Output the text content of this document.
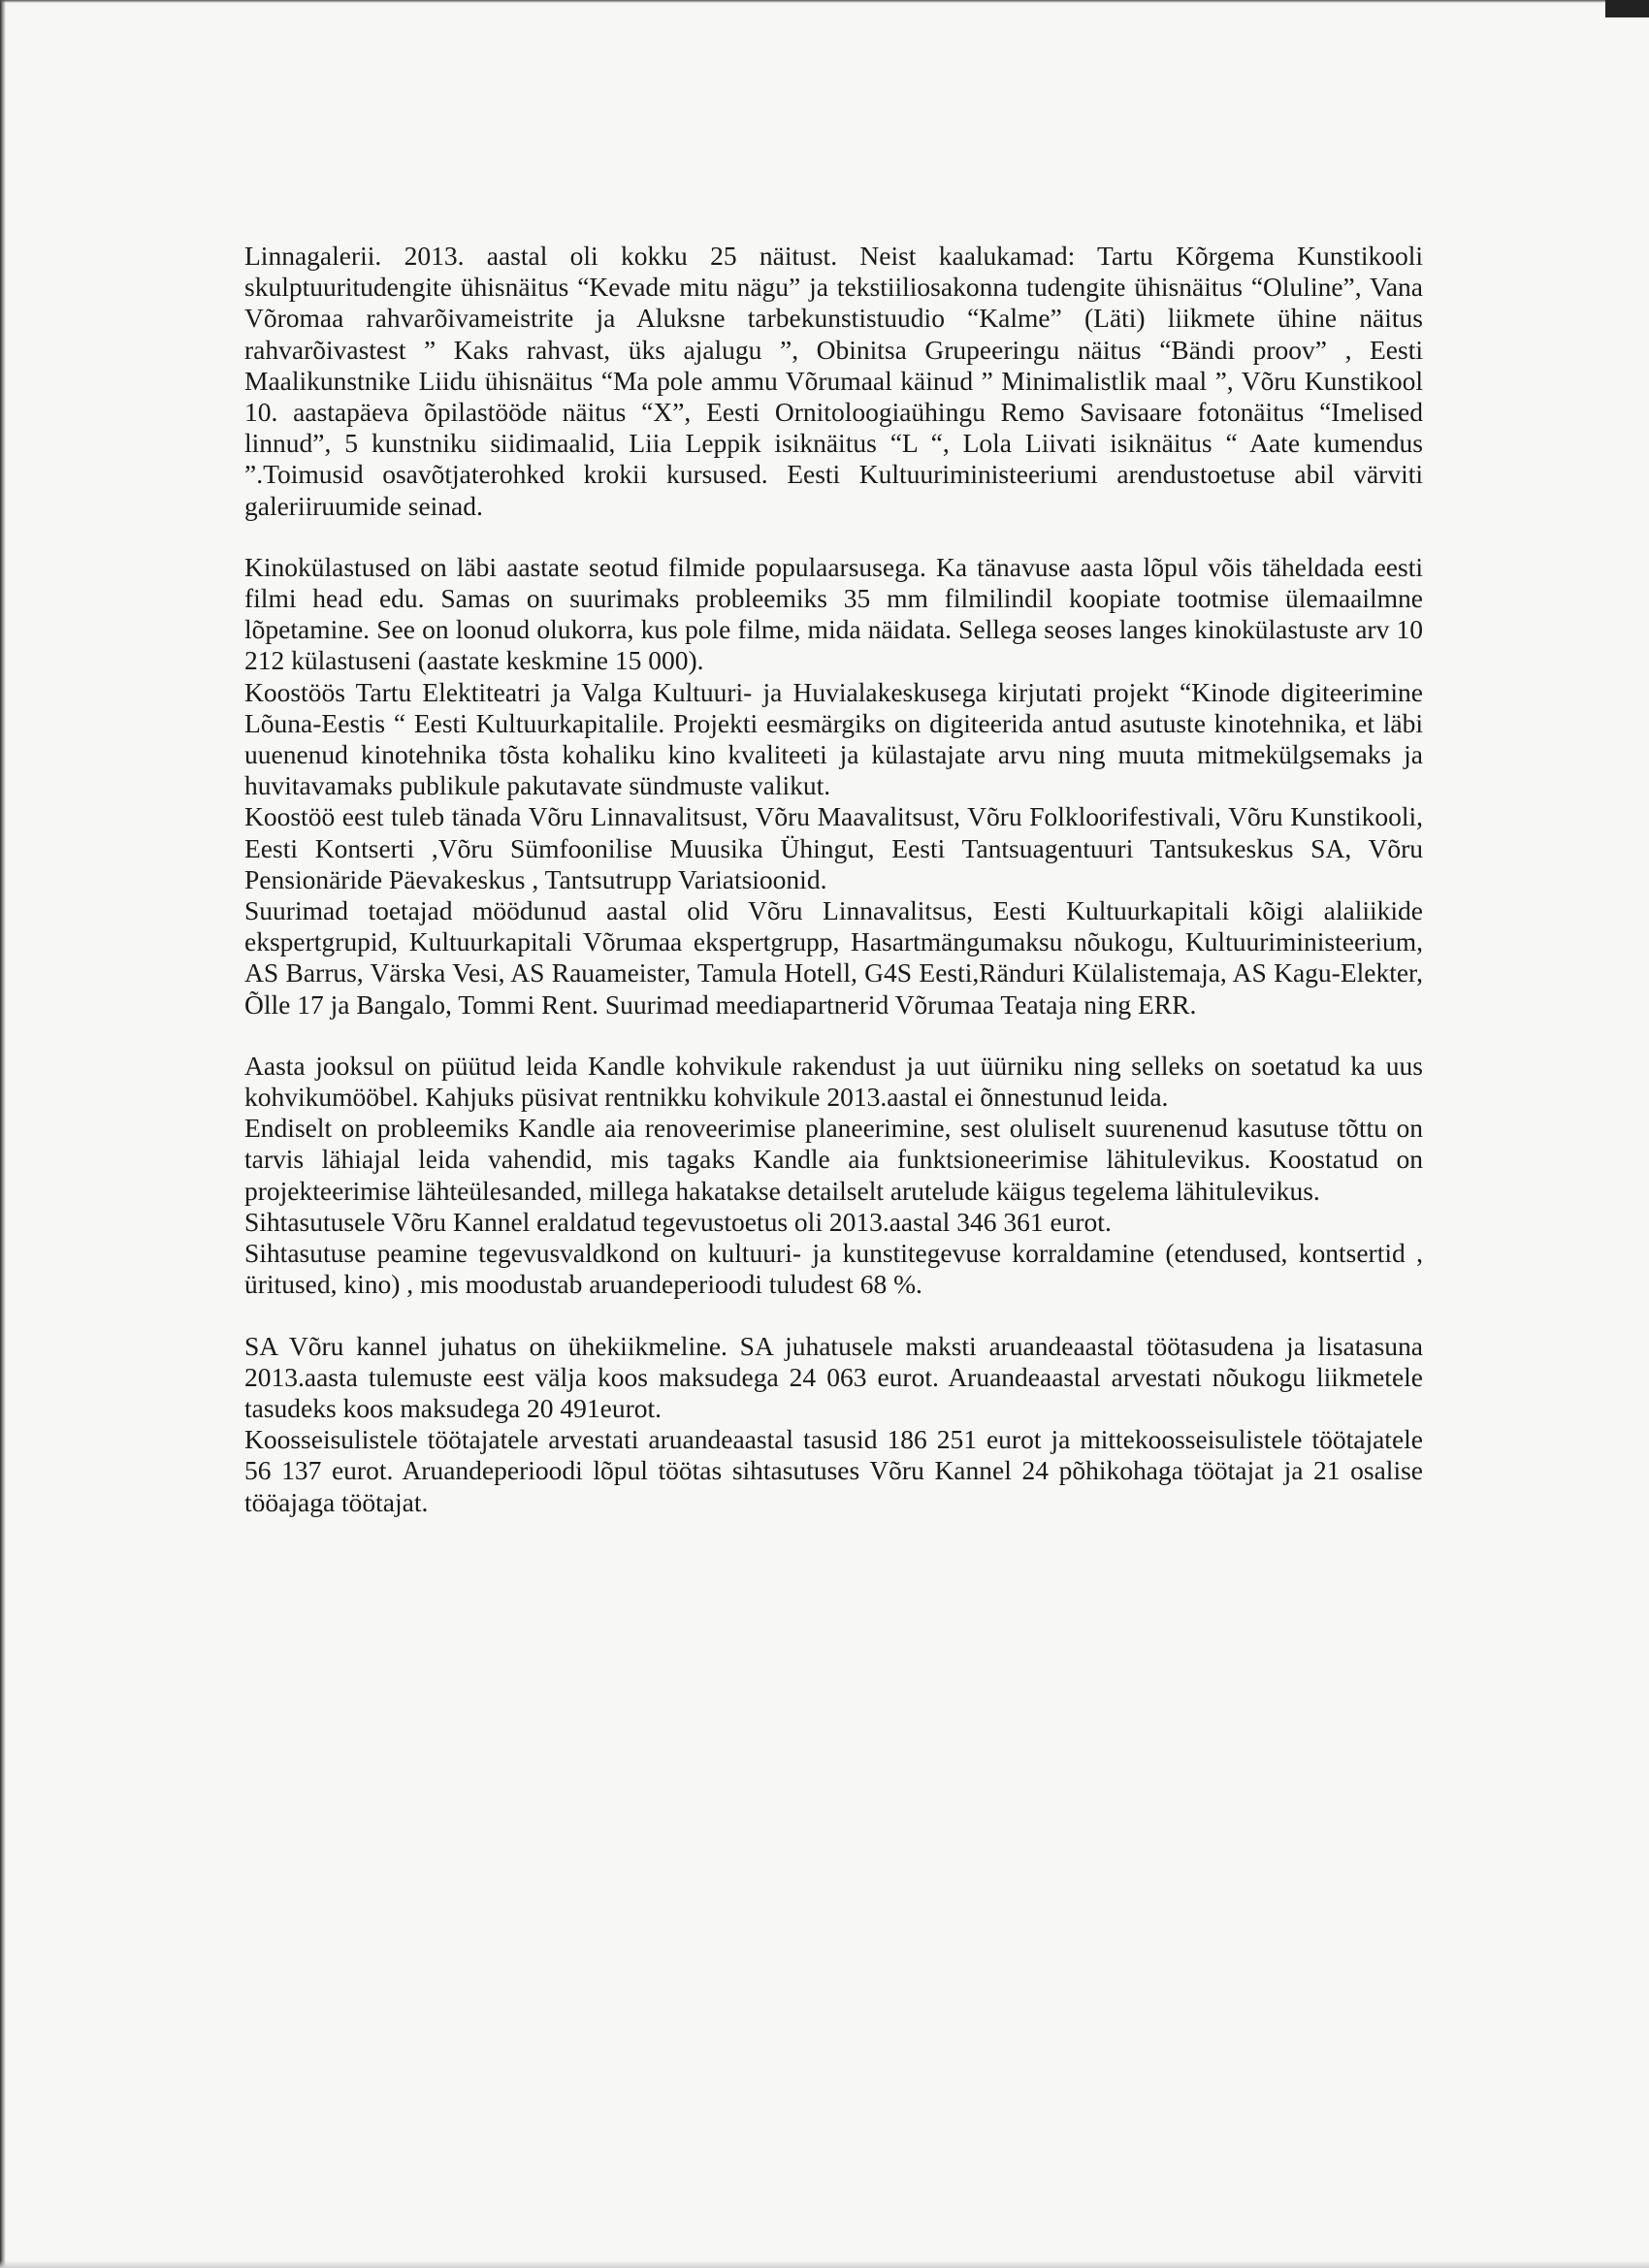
Linnagalerii. 2013. aastal oli kokku 25 näitust. Neist kaalukamad: Tartu Kõrgema Kunstikooli skulptuuritudengite ühisnäitus “Kevade mitu nägu” ja tekstiiliosakonna tudengite ühisnäitus “Oluline”, Vana Võromaa rahvarõivameistrite ja Aluksne tarbekunstistuudio “Kalme” (Läti) liikmete ühine näitus rahvarõivastest ” Kaks rahvast, üks ajalugu ”, Obinitsa Grupeeringu näitus “Bändi proov” , Eesti Maalikunstnike Liidu ühisnäitus “Ma pole ammu Võrumaal käinud ” Minimalistlik maal ”, Võru Kunstikool 10. aastapäeva õpilastööde näitus “X”, Eesti Ornitoloogiaühingu Remo Savisaare fotonäitus “Imelised linnud”, 5 kunstniku siidimaalid, Liia Leppik isiknäitus “L “, Lola Liivati isiknäitus “ Aate kumendus ”.Toimusid osavõtjaterohked krokii kursused. Eesti Kultuuriministeeriumi arendustoetuse abil värviti galeriiruumide seinad.

Kinokülastused on läbi aastate seotud filmide populaarsusega. Ka tänavuse aasta lõpul võis täheldada eesti filmi head edu. Samas on suurimaks probleemiks 35 mm filmilindil koopiate tootmise ülemaailmne lõpetamine. See on loonud olukorra, kus pole filme, mida näidata. Sellega seoses langes kinokülastuste arv 10 212 külastuseni (aastate keskmine 15 000).

Koostöös Tartu Elektiteatri ja Valga Kultuuri- ja Huvialakeskusega kirjutati projekt “Kinode digiteerimine Lõuna-Eestis “ Eesti Kultuurkapitalile. Projekti eesmärgiks on digiteerida antud asutuste kinotehnika, et läbi uuenenud kinotehnika tõsta kohaliku kino kvaliteeti ja külastajate arvu ning muuta mitmekülgsemaks ja huvitavamaks publikule pakutavate sündmuste valikut.

Koostöö eest tuleb tänada Võru Linnavalitsust, Võru Maavalitsust, Võru Folkloorifestivali, Võru Kunstikooli, Eesti Kontserti ,Võru Sümfoonilise Muusika Ühingut, Eesti Tantsuagentuuri Tantsukeskus SA, Võru Pensionäride Päevakeskus , Tantsutrupp Variatsioonid.

Suurimad toetajad möödunud aastal olid Võru Linnavalitsus, Eesti Kultuurkapitali kõigi alaliikide ekspertgrupid, Kultuurkapitali Võrumaa ekspertgrupp, Hasartmängumaksu nõukogu, Kultuuriministeerium, AS Barrus, Värska Vesi, AS Rauameister, Tamula Hotell, G4S Eesti,Ränduri Külalistemaja, AS Kagu-Elekter, Õlle 17 ja Bangalo, Tommi Rent. Suurimad meediapartnerid Võrumaa Teataja ning ERR.

Aasta jooksul on püütud leida Kandle kohvikule rakendust ja uut üürniku ning selleks on soetatud ka uus kohvikumööbel. Kahjuks püsivat rentnikku kohvikule 2013.aastal ei õnnestunud leida.

Endiselt on probleemiks Kandle aia renoveerimise planeerimine, sest oluliselt suurenenud kasutuse tõttu on tarvis lähiajal leida vahendid, mis tagaks Kandle aia funktsioneerimise lähitulevikus. Koostatud on projekteerimise lähteülesanded, millega hakatakse detailselt arutelude käigus tegelema lähitulevikus.

Sihtasutusele Võru Kannel eraldatud tegevustoetus oli 2013.aastal 346 361 eurot.

Sihtasutuse peamine tegevusvaldkond on kultuuri- ja kunstitegevuse korraldamine (etendused, kontsertid , üritused, kino) , mis moodustab aruandeperioodi tuludest 68 %.

SA Võru kannel juhatus on ühekiikmeline. SA juhatusele maksti aruandeaastal töötasudena ja lisatasuna 2013.aasta tulemuste eest välja koos maksudega 24 063 eurot. Aruandeaastal arvestati nõukogu liikmetele tasudeks koos maksudega 20 491eurot.

Koosseisulistele töötajatele arvestati aruandeaastal tasusid 186 251 eurot ja mittekoosseisulistele töötajatele 56 137 eurot. Aruandeperioodi lõpul töötas sihtasutuses Võru Kannel 24 põhikohaga töötajat ja 21 osalise tööajaga töötajat.
